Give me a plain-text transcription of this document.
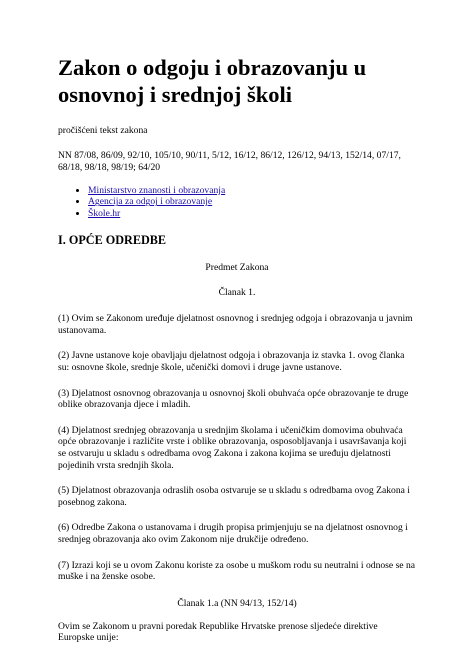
Zakon o odgoju i obrazovanju u osnovnoj i srednjoj školi
pročišćeni tekst zakona
NN 87/08, 86/09, 92/10, 105/10, 90/11, 5/12, 16/12, 86/12, 126/12, 94/13, 152/14, 07/17, 68/18, 98/18, 98/19; 64/20
• Ministarstvo znanosti i obrazovanja
• Agencija za odgoj i obrazovanje
• Škole.hr
I. OPĆE ODREDBE
Predmet Zakona
Članak 1.

(1) Ovim se Zakonom uređuje djelatnost osnovnog i srednjeg odgoja i obrazovanja u javnim ustanovama.

(2) Javne ustanove koje obavljaju djelatnost odgoja i obrazovanja iz stavka 1. ovog članka su: osnovne škole, srednje škole, učenički domovi i druge javne ustanove.

(3) Djelatnost osnovnog obrazovanja u osnovnoj školi obuhvaća opće obrazovanje te druge oblike obrazovanja djece i mladih.

(4) Djelatnost srednjeg obrazovanja u srednjim školama i učeničkim domovima obuhvaća opće obrazovanje i različite vrste i oblike obrazovanja, osposobljavanja i usavršavanja koji se ostvaruju u skladu s odredbama ovog Zakona i zakona kojima se uređuju djelatnosti pojedinih vrsta srednjih škola.

(5) Djelatnost obrazovanja odraslih osoba ostvaruje se u skladu s odredbama ovog Zakona i posebnog zakona.

(6) Odredbe Zakona o ustanovama i drugih propisa primjenjuju se na djelatnost osnovnog i srednjeg obrazovanja ako ovim Zakonom nije drukčije određeno.

(7) Izrazi koji se u ovom Zakonu koriste za osobe u muškom rodu su neutralni i odnose se na muške i na ženske osobe.

Članak 1.a (NN 94/13, 152/14)

Ovim se Zakonom u pravni poredak Republike Hrvatske prenose sljedeće direktive Europske unije:
